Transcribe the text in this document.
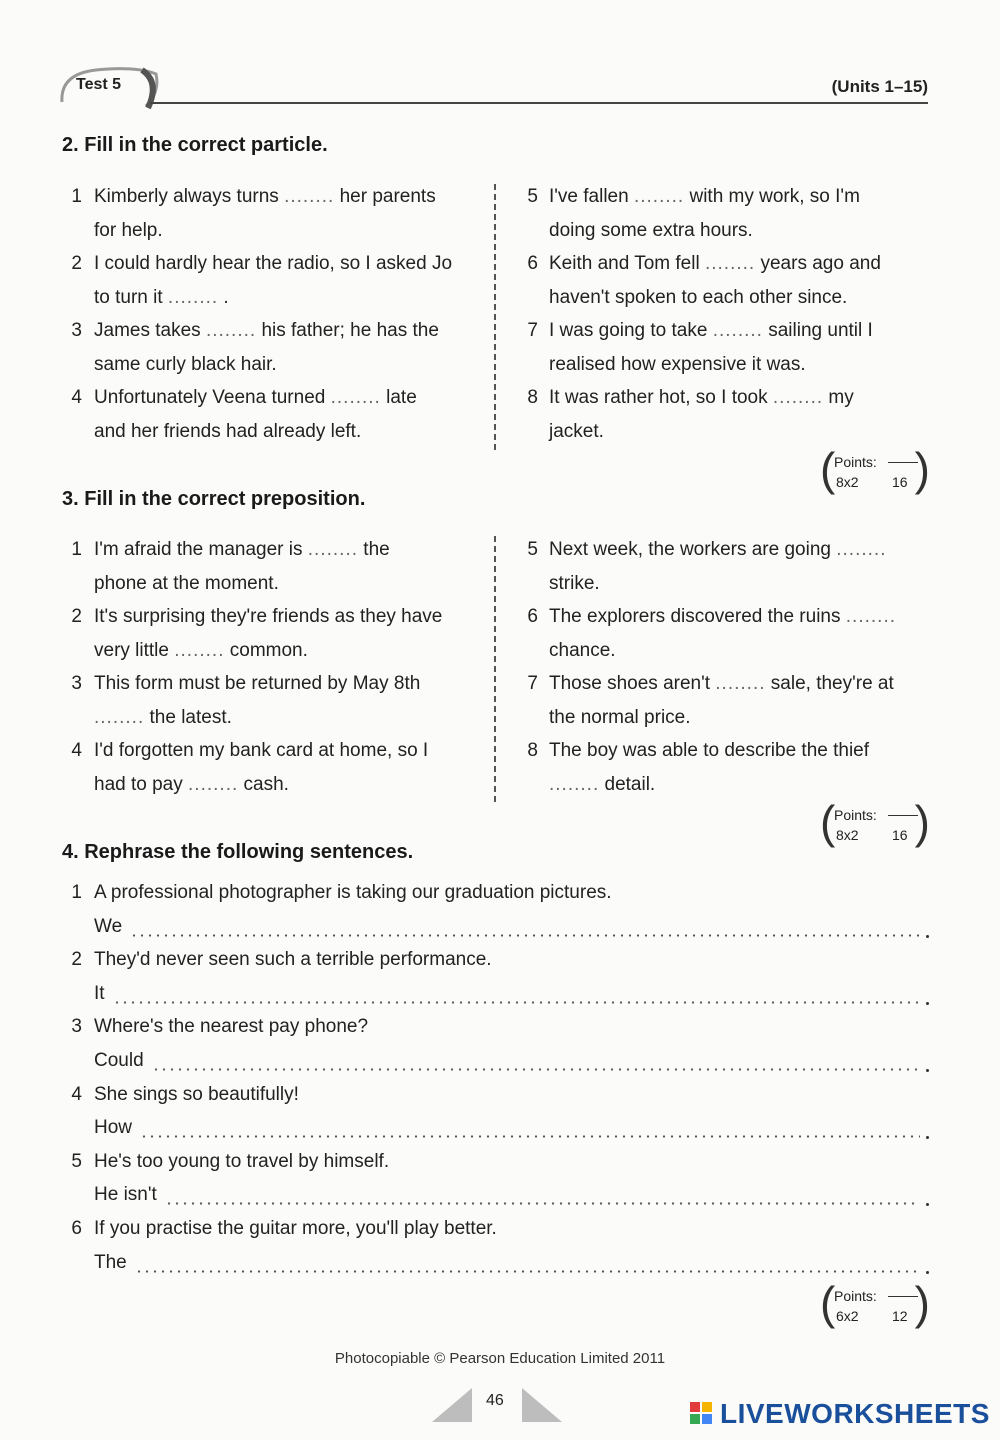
Test 5	(Units 1–15)
2. Fill in the correct particle.
1 Kimberly always turns ........ her parents
for help.
2 I could hardly hear the radio, so I asked Jo
to turn it ........ .
3 James takes ........ his father; he has the
same curly black hair.
4 Unfortunately Veena turned ........ late
and her friends had already left.
5 I've fallen ........ with my work, so I'm
doing some extra hours.
6 Keith and Tom fell ........ years ago and
haven't spoken to each other since.
7 I was going to take ........ sailing until I
realised how expensive it was.
8 It was rather hot, so I took ........ my
jacket.
(
Points:
8x2 16 )
3. Fill in the correct preposition.
1 I'm afraid the manager is ........ the
phone at the moment.
2 It's surprising they're friends as they have
very little ........ common.
3 This form must be returned by May 8th
........ the latest.
4 I'd forgotten my bank card at home, so I
had to pay ........ cash.
5 Next week, the workers are going ........
strike.
6 The explorers discovered the ruins ........
chance.
7 Those shoes aren't ........ sale, they're at
the normal price.
8 The boy was able to describe the thief
........ detail.
(
Points:
8x2 16 )
4. Rephrase the following sentences.
1 A professional photographer is taking our graduation pictures.
We
2 They'd never seen such a terrible performance.
It
3 Where's the nearest pay phone?
Could
4 She sings so beautifully!
How
5 He's too young to travel by himself.
He isn't
6 If you practise the guitar more, you'll play better.
The
(
Points:
6x2 12 )
Photocopiable © Pearson Education Limited 2011
46	LIVEWORKSHEETS
